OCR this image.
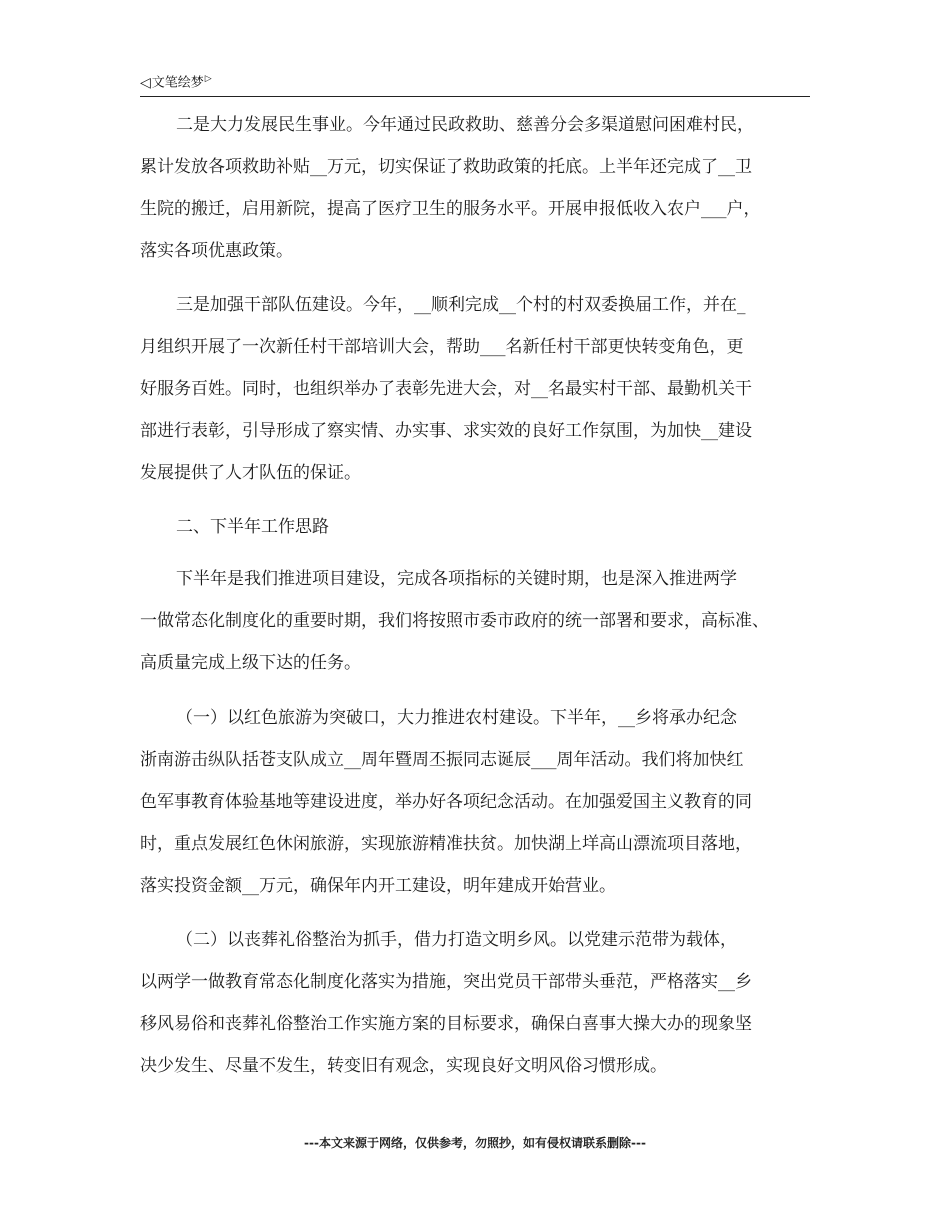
◁文笔绘梦▷
二是大力发展民生事业。今年通过民政救助、慈善分会多渠道慰问困难村民，
累计发放各项救助补贴__万元，切实保证了救助政策的托底。上半年还完成了__卫
生院的搬迁，启用新院，提高了医疗卫生的服务水平。开展申报低收入农户___户，
落实各项优惠政策。
三是加强干部队伍建设。今年，__顺利完成__个村的村双委换届工作，并在_
月组织开展了一次新任村干部培训大会，帮助___名新任村干部更快转变角色，更
好服务百姓。同时，也组织举办了表彰先进大会，对__名最实村干部、最勤机关干
部进行表彰，引导形成了察实情、办实事、求实效的良好工作氛围，为加快__建设
发展提供了人才队伍的保证。
二、下半年工作思路
下半年是我们推进项目建设，完成各项指标的关键时期，也是深入推进两学
一做常态化制度化的重要时期，我们将按照市委市政府的统一部署和要求，高标准、
高质量完成上级下达的任务。
（一）以红色旅游为突破口，大力推进农村建设。下半年，__乡将承办纪念
浙南游击纵队括苍支队成立__周年暨周丕振同志诞辰___周年活动。我们将加快红
色军事教育体验基地等建设进度，举办好各项纪念活动。在加强爱国主义教育的同
时，重点发展红色休闲旅游，实现旅游精准扶贫。加快湖上垟高山漂流项目落地，
落实投资金额__万元，确保年内开工建设，明年建成开始营业。
（二）以丧葬礼俗整治为抓手，借力打造文明乡风。以党建示范带为载体，
以两学一做教育常态化制度化落实为措施，突出党员干部带头垂范，严格落实__乡
移风易俗和丧葬礼俗整治工作实施方案的目标要求，确保白喜事大操大办的现象坚
决少发生、尽量不发生，转变旧有观念，实现良好文明风俗习惯形成。
---本文来源于网络，仅供参考，勿照抄，如有侵权请联系删除---
